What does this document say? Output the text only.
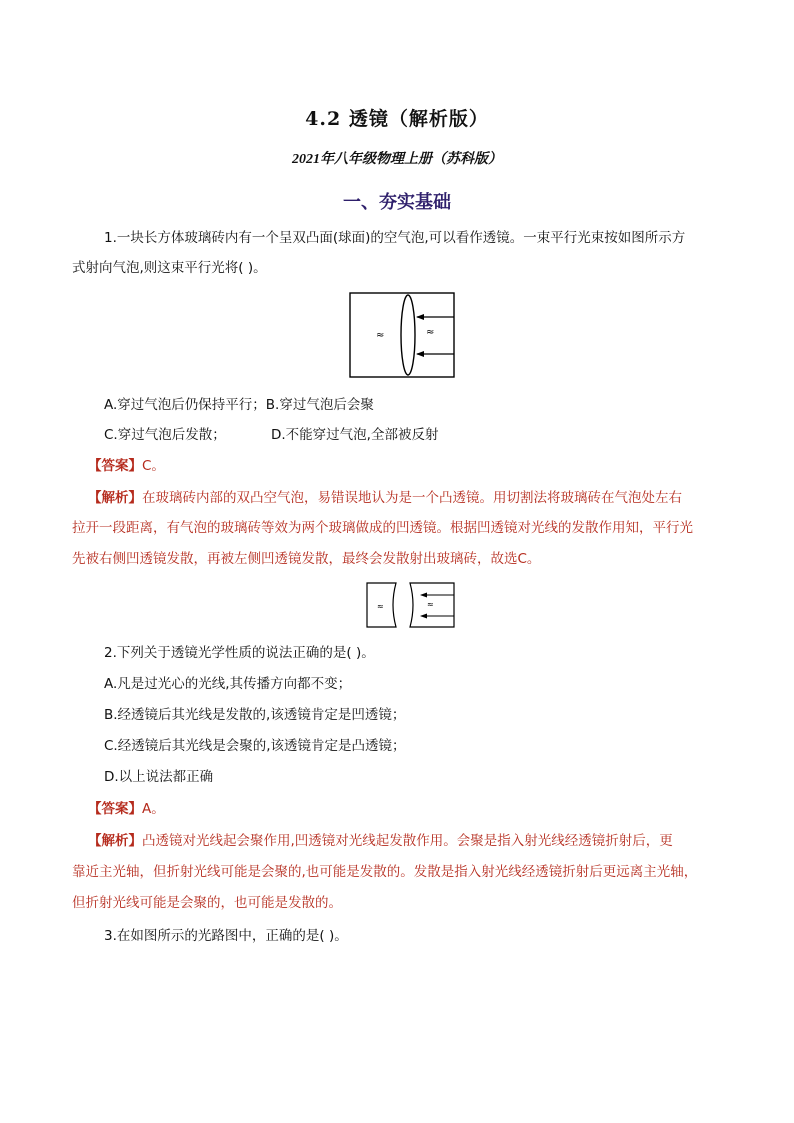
4.2 透镜（解析版）
2021年八年级物理上册（苏科版）
一、夯实基础
1.一块长方体玻璃砖内有一个呈双凸面(球面)的空气泡,可以看作透镜。一束平行光束按如图所示方
式射向气泡,则这束平行光将( )。
≈	≈
A.穿过气泡后仍保持平行；B.穿过气泡后会聚
C.穿过气泡后发散；	D.不能穿过气泡,全部被反射
【答案】C。
【解析】在玻璃砖内部的双凸空气泡，易错误地认为是一个凸透镜。用切割法将玻璃砖在气泡处左右
拉开一段距离，有气泡的玻璃砖等效为两个玻璃做成的凹透镜。根据凹透镜对光线的发散作用知，平行光
先被右侧凹透镜发散，再被左侧凹透镜发散，最终会发散射出玻璃砖，故选C。
≈	≈
2.下列关于透镜光学性质的说法正确的是( )。
A.凡是过光心的光线,其传播方向都不变；
B.经透镜后其光线是发散的,该透镜肯定是凹透镜；
C.经透镜后其光线是会聚的,该透镜肯定是凸透镜；
D.以上说法都正确
【答案】A。
【解析】凸透镜对光线起会聚作用,凹透镜对光线起发散作用。会聚是指入射光线经透镜折射后，更
靠近主光轴，但折射光线可能是会聚的,也可能是发散的。发散是指入射光线经透镜折射后更远离主光轴，
但折射光线可能是会聚的，也可能是发散的。
3.在如图所示的光路图中，正确的是( )。
